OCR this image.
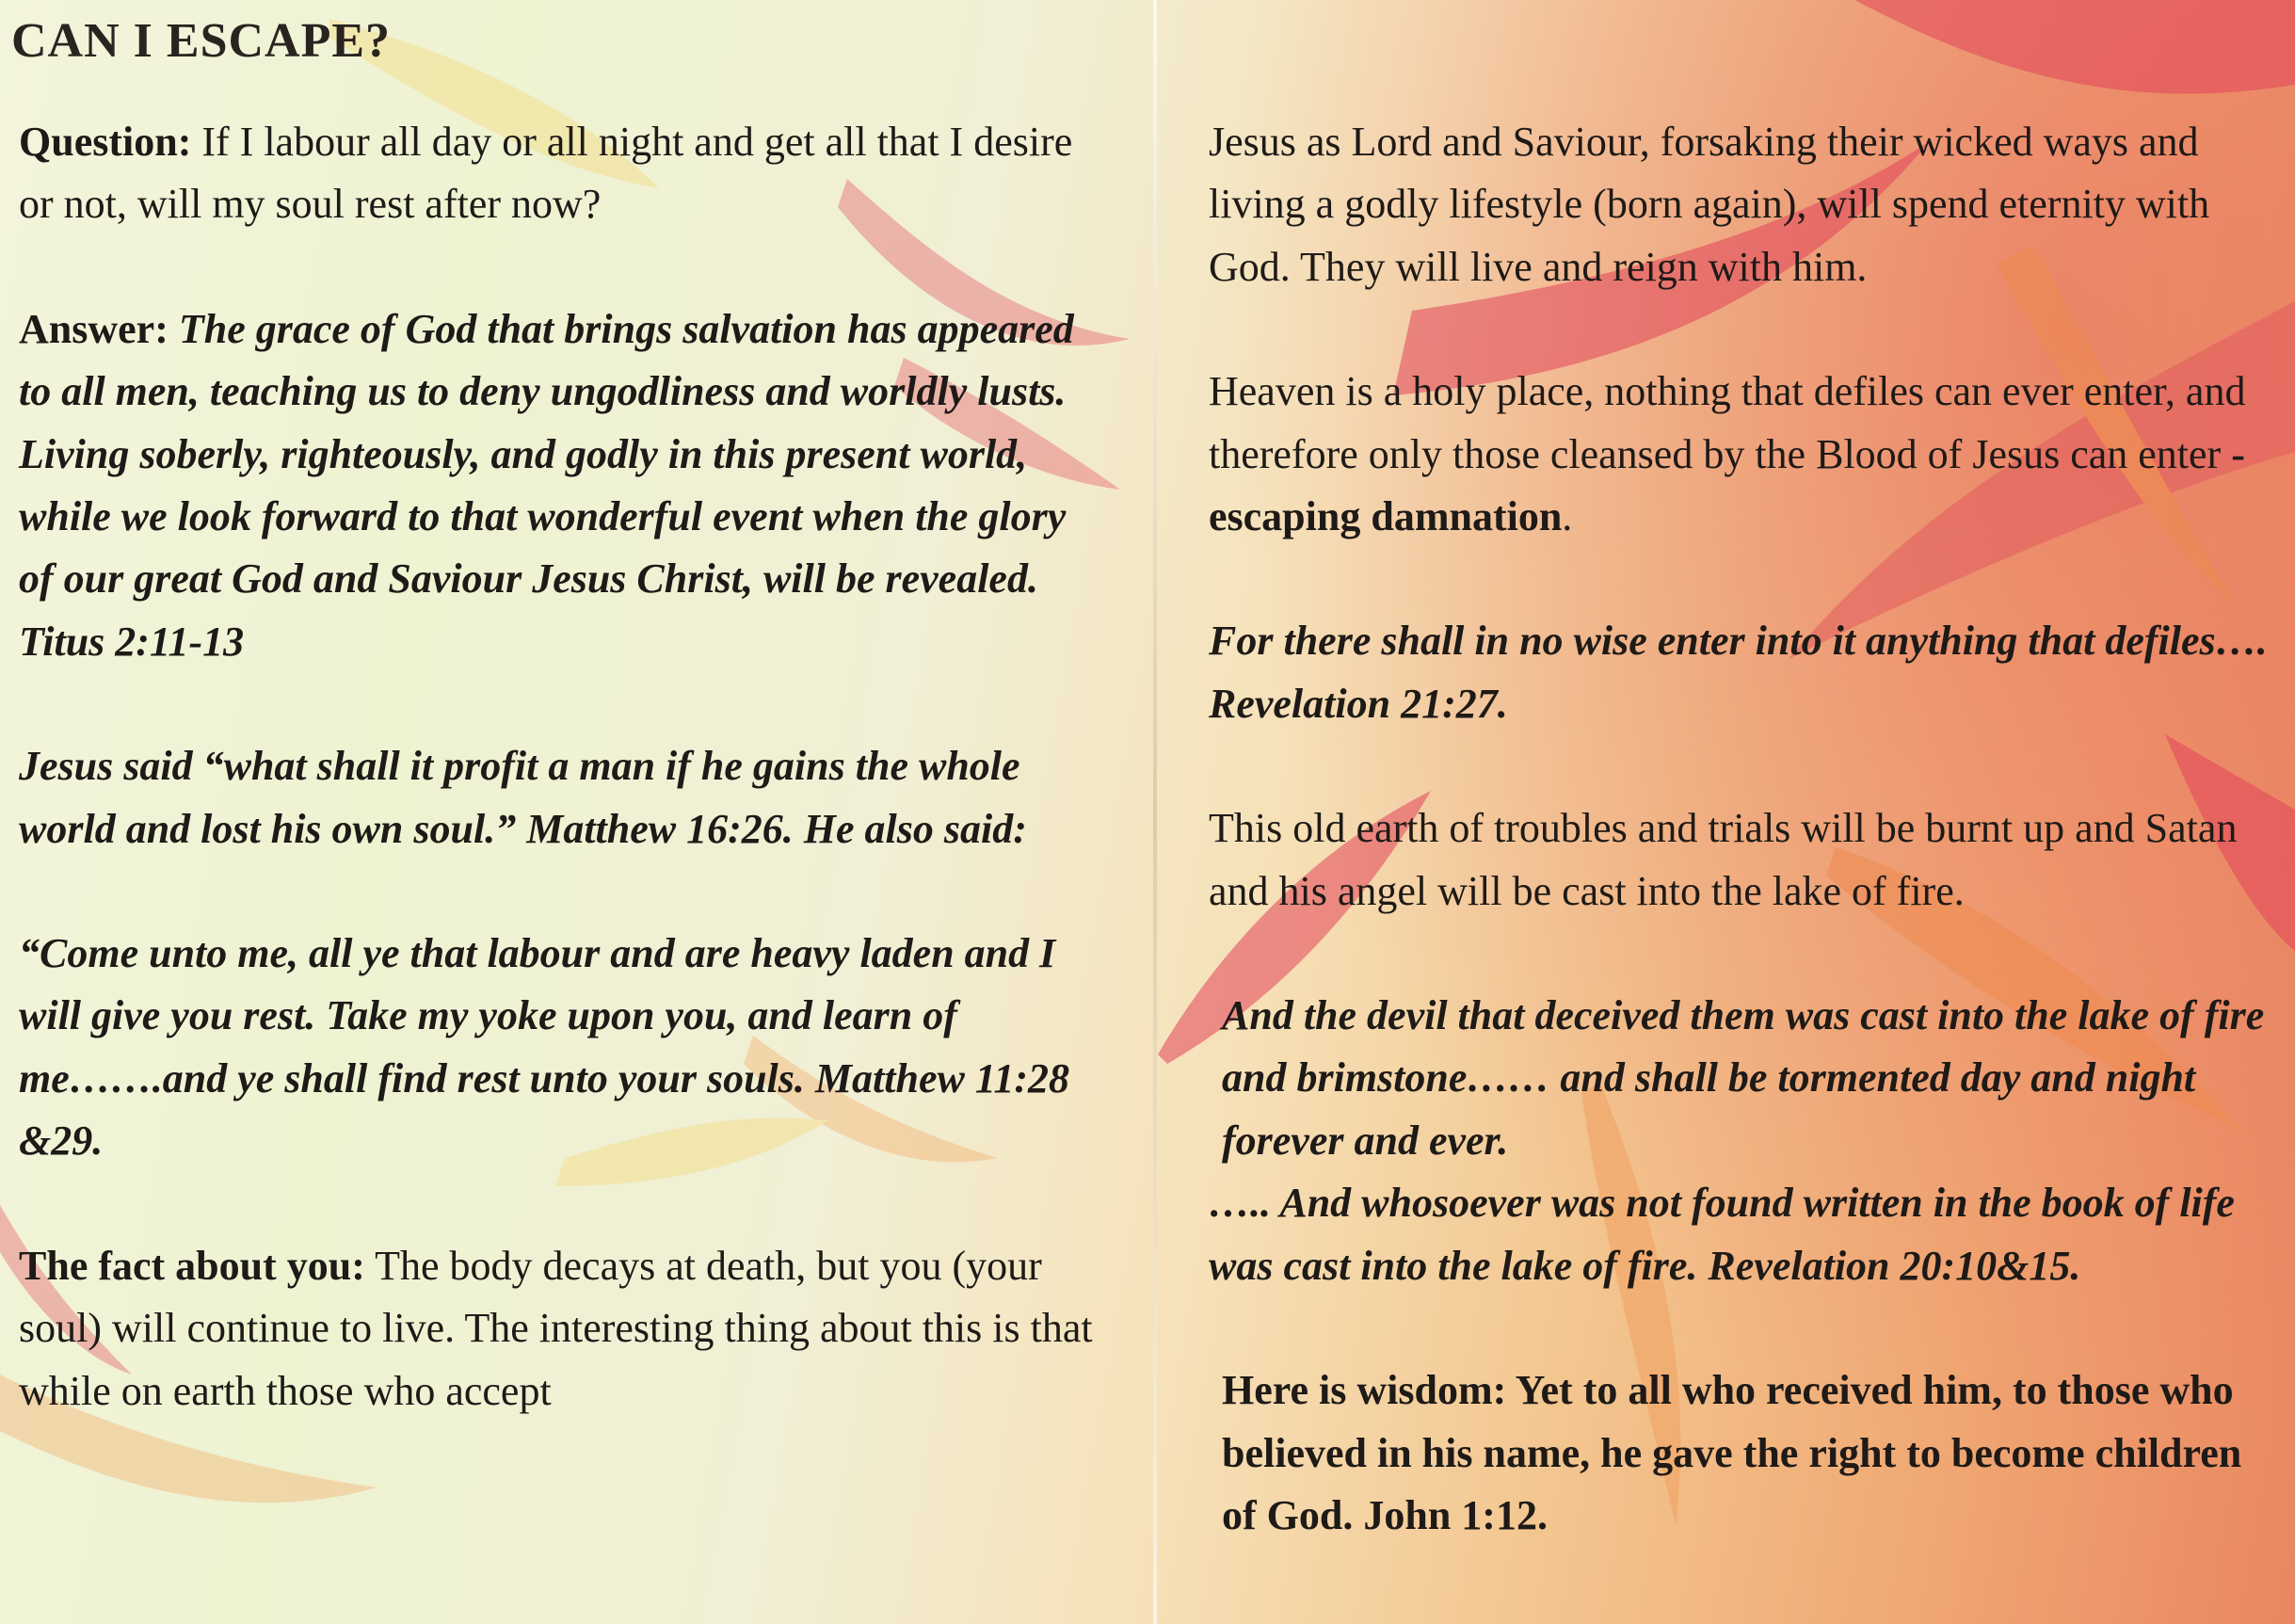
CAN I ESCAPE?

Question: If I labour all day or all night and get all that I desire or not, will my soul rest after now?

Answer: The grace of God that brings salvation has appeared to all men, teaching us to deny ungodliness and worldly lusts. Living soberly, righteously, and godly in this present world, while we look forward to that wonderful event when the glory of our great God and Saviour Jesus Christ, will be revealed. Titus 2:11-13

Jesus said “what shall it profit a man if he gains the whole world and lost his own soul.” Matthew 16:26. He also said:

“Come unto me, all ye that labour and are heavy laden and I will give you rest. Take my yoke upon you, and learn of me…….and ye shall find rest unto your souls. Matthew 11:28 &29.

The fact about you: The body decays at death, but you (your soul) will continue to live. The interesting thing about this is that while on earth those who accept

Jesus as Lord and Saviour, forsaking their wicked ways and living a godly lifestyle (born again), will spend eternity with God. They will live and reign with him.

Heaven is a holy place, nothing that defiles can ever enter, and therefore only those cleansed by the Blood of Jesus can enter -escaping damnation.

For there shall in no wise enter into it anything that defiles…. Revelation 21:27.

This old earth of troubles and trials will be burnt up and Satan and his angel will be cast into the lake of fire.

And the devil that deceived them was cast into the lake of fire and brimstone…… and shall be tormented day and night forever and ever.

….. And whosoever was not found written in the book of life was cast into the lake of fire. Revelation 20:10&15.

Here is wisdom: Yet to all who received him, to those who believed in his name, he gave the right to become children of God. John 1:12.
